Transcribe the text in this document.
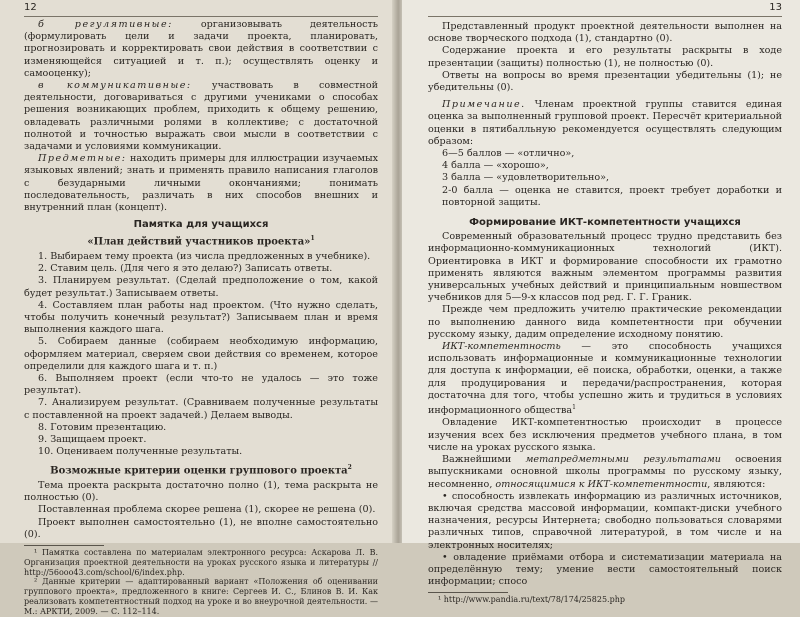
12

б регулятивные: организовывать деятельность (формулировать цели и задачи проекта, планировать, прогнозировать и корректировать свои действия в соответствии с изменяющейся ситуацией и т. п.); осуществлять оценку и самооценку);

в коммуникативные: участвовать в совместной деятельности, договариваться с другими учениками о способах решения возникающих проблем, приходить к общему решению, овладевать различными ролями в коллективе; с достаточной полнотой и точностью выражать свои мысли в соответствии с задачами и условиями коммуникации.

Предметные: находить примеры для иллюстрации изучаемых языковых явлений; знать и применять правило написания глаголов с безударными личными окончаниями; понимать последовательность, различать в них способов внешних и внутренний план (концепт).

Памятка для учащихся
«План действий участников проекта»$^1$

1. Выбираем тему проекта (из числа предложенных в учебнике).

2. Ставим цель. (Для чего я это делаю?) Записать ответы.

3. Планируем результат. (Сделай предположение о том, какой будет результат.) Записываем ответы.

4. Составляем план работы над проектом. (Что нужно сделать, чтобы получить конечный результат?) Записываем план и время выполнения каждого шага.

5. Собираем данные (собираем необходимую информацию, оформляем материал, сверяем свои действия со временем, которое определили для каждого шага и т. п.)

6. Выполняем проект (если что-то не удалось — это тоже результат).

7. Анализируем результат. (Сравниваем полученные результаты с поставленной на проект задачей.) Делаем выводы.

8. Готовим презентацию.

9. Защищаем проект.

10. Оцениваем полученные результаты.

Возможные критерии оценки группового проекта$^2$

Тема проекта раскрыта достаточно полно (1), тема раскрыта не полностью (0).

Поставленная проблема скорее решена (1), скорее не решена (0).

Проект выполнен самостоятельно (1), не вполне самостоятельно (0).

¹ Памятка составлена по материалам электронного ресурса: Аскарова Л. В. Организация проектной деятельности на уроках русского языка и литературы // http://56ooo43.com/school/6/index.php.

² Данные критерии — адаптированный вариант «Положения об оценивании группового проекта», предложенного в книге: Сергеев И. С., Блинов В. И. Как реализовать компетентностный подход на уроке и во внеурочной деятельности. — М.: АРКТИ, 2009. — С. 112–114.

13

Представленный продукт проектной деятельности выполнен на основе творческого подхода (1), стандартно (0).

Содержание проекта и его результаты раскрыты в ходе презентации (защиты) полностью (1), не полностью (0).

Ответы на вопросы во время презентации убедительны (1); не убедительны (0).

Примечание. Членам проектной группы ставится единая оценка за выполненный групповой проект. Пересчёт критериальной оценки в пятибалльную рекомендуется осуществлять следующим образом:

6—5 баллов — «отлично»,

4 балла — «хорошо»,

3 балла — «удовлетворительно»,

2-0 балла — оценка не ставится, проект требует доработки и повторной защиты.

Формирование ИКТ-компетентности учащихся

Современный образовательный процесс трудно представить без информационно-коммуникационных технологий (ИКТ). Ориентировка в ИКТ и формирование способности их грамотно применять являются важным элементом программы развития универсальных учебных действий и принципиальным новшеством учебников для 5—9-х классов под ред. Г. Г. Граник.

Прежде чем предложить учителю практические рекомендации по выполнению данного вида компетентности при обучении русскому языку, дадим определение исходному понятию.

ИКТ-компетентность — это способность учащихся использовать информационные и коммуникационные технологии для доступа к информации, её поиска, обработки, оценки, а также для продуцирования и передачи/распространения, которая достаточна для того, чтобы успешно жить и трудиться в условиях информационного общества$^1$

Овладение ИКТ-компетентностью происходит в процессе изучения всех без исключения предметов учебного плана, в том числе на уроках русского языка.

Важнейшими метапредметными результатами освоения выпускниками основной школы программы по русскому языку, несомненно, относящимися к ИКТ-компетентности, являются:

• способность извлекать информацию из различных источников, включая средства массовой информации, компакт-диски учебного назначения, ресурсы Интернета; свободно пользоваться словарями различных типов, справочной литературой, в том числе и на электронных носителях;

• овладение приёмами отбора и систематизации материала на определённую тему; умение вести самостоятельный поиск информации; спосо

¹ http://www.pandia.ru/text/78/174/25825.php
